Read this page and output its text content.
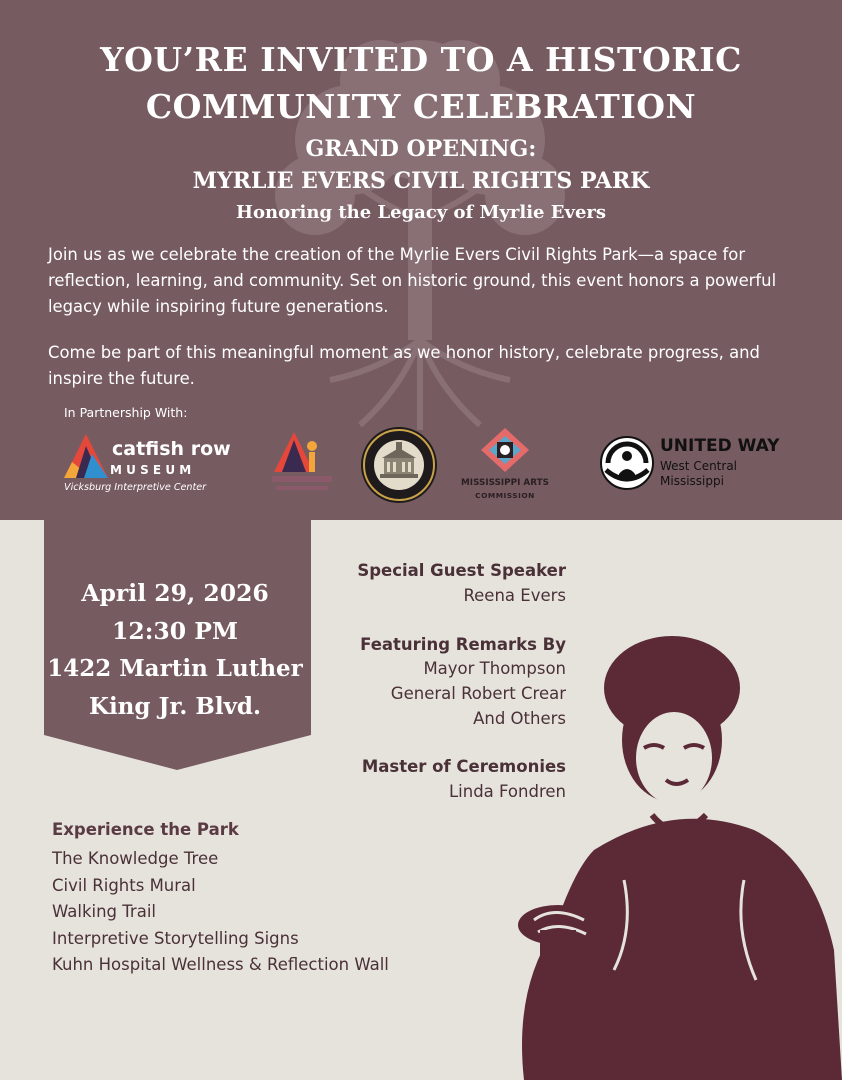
YOU’RE INVITED TO A HISTORIC

COMMUNITY CELEBRATION

GRAND OPENING:

MYRLIE EVERS CIVIL RIGHTS PARK

Honoring the Legacy of Myrlie Evers

Join us as we celebrate the creation of the Myrlie Evers Civil Rights Park—a space for reflection, learning, and community. Set on historic ground, this event honors a powerful legacy while inspiring future generations.

Come be part of this meaningful moment as we honor history, celebrate progress, and inspire the future.

In Partnership With:

catfish row
MUSEUM
Vicksburg Interpretive Center	MISSISSIPPI ARTS
COMMISSION
UNITED WAY
West Central
Mississippi

April 29, 2026

12:30 PM

1422 Martin Luther

King Jr. Blvd.

Special Guest Speaker

Reena Evers

Featuring Remarks By

Mayor Thompson

General Robert Crear

And Others

Master of Ceremonies

Linda Fondren

Experience the Park

The Knowledge Tree
Civil Rights Mural
Walking Trail
Interpretive Storytelling Signs
Kuhn Hospital Wellness & Reflection Wall
